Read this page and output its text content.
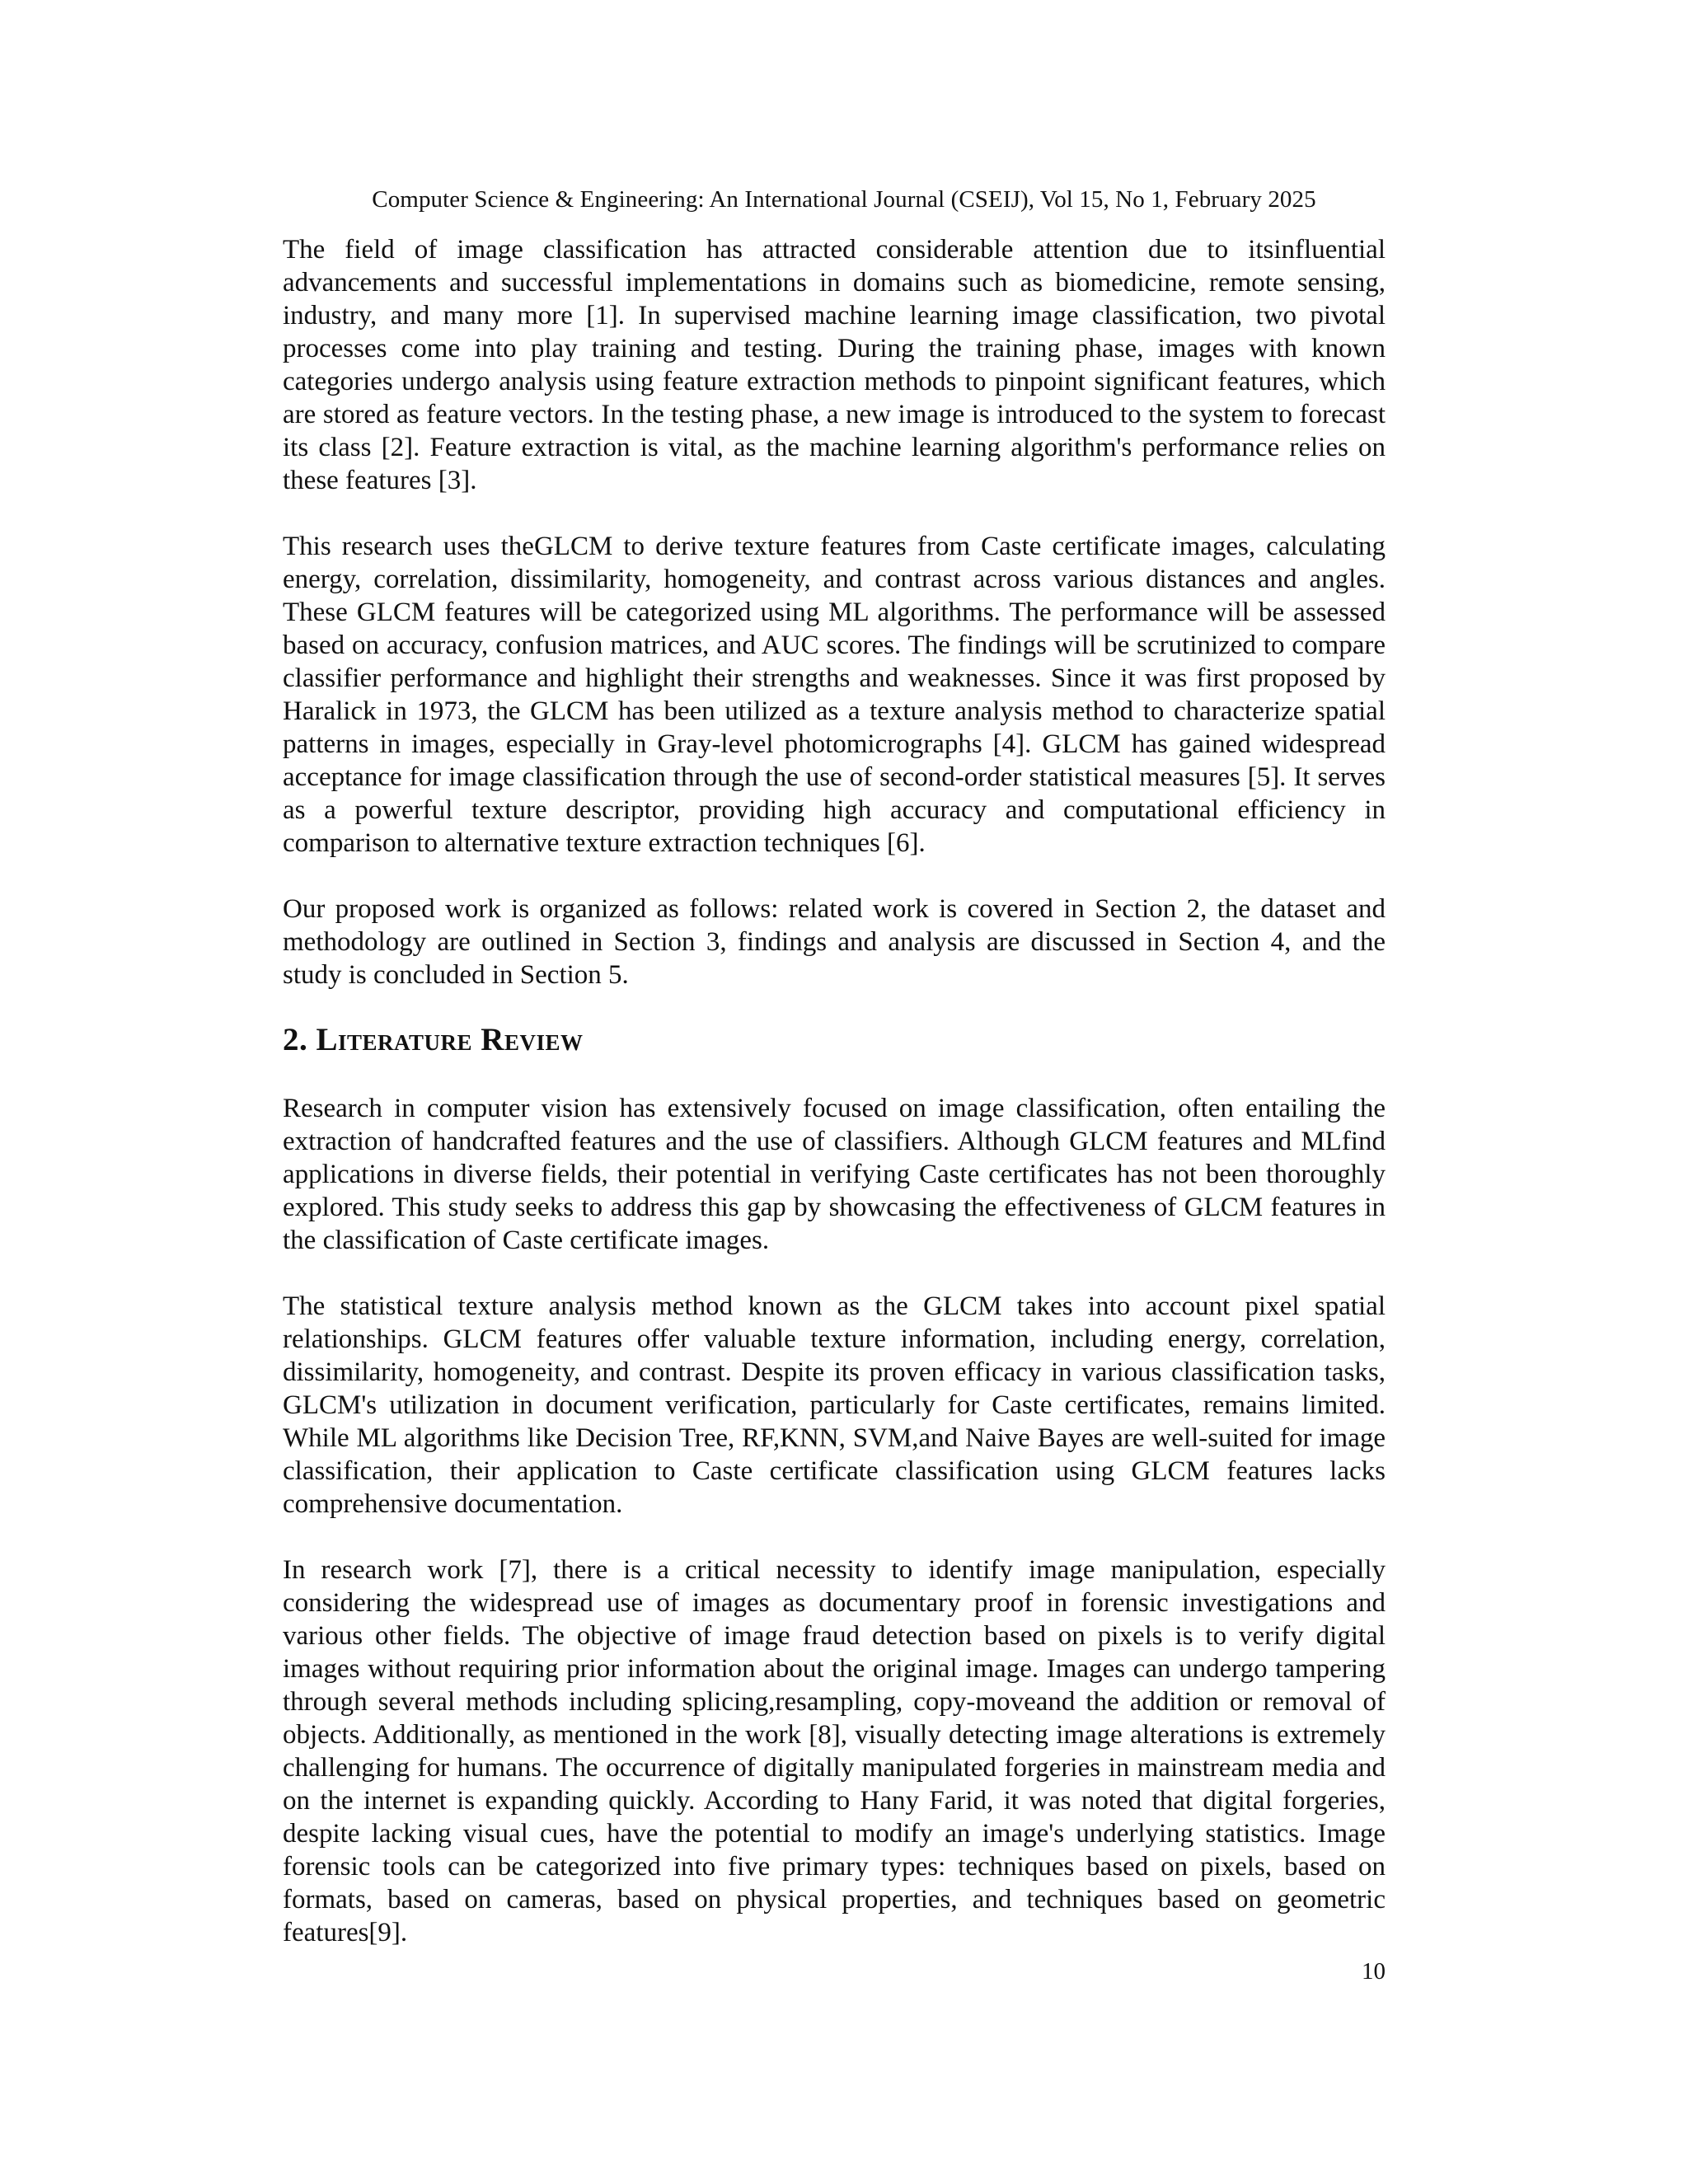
Computer Science & Engineering: An International Journal (CSEIJ), Vol 15, No 1, February 2025

The field of image classification has attracted considerable attention due to itsinfluential advancements and successful implementations in domains such as biomedicine, remote sensing, industry, and many more [1]. In supervised machine learning image classification, two pivotal processes come into play training and testing. During the training phase, images with known categories undergo analysis using feature extraction methods to pinpoint significant features, which are stored as feature vectors. In the testing phase, a new image is introduced to the system to forecast its class [2]. Feature extraction is vital, as the machine learning algorithm's performance relies on these features [3].

This research uses theGLCM to derive texture features from Caste certificate images, calculating energy, correlation, dissimilarity, homogeneity, and contrast across various distances and angles. These GLCM features will be categorized using ML algorithms. The performance will be assessed based on accuracy, confusion matrices, and AUC scores. The findings will be scrutinized to compare classifier performance and highlight their strengths and weaknesses. Since it was first proposed by Haralick in 1973, the GLCM has been utilized as a texture analysis method to characterize spatial patterns in images, especially in Gray-level photomicrographs [4]. GLCM has gained widespread acceptance for image classification through the use of second-order statistical measures [5]. It serves as a powerful texture descriptor, providing high accuracy and computational efficiency in comparison to alternative texture extraction techniques [6].

Our proposed work is organized as follows: related work is covered in Section 2, the dataset and methodology are outlined in Section 3, findings and analysis are discussed in Section 4, and the study is concluded in Section 5.

2. Literature Review

Research in computer vision has extensively focused on image classification, often entailing the extraction of handcrafted features and the use of classifiers. Although GLCM features and MLfind applications in diverse fields, their potential in verifying Caste certificates has not been thoroughly explored. This study seeks to address this gap by showcasing the effectiveness of GLCM features in the classification of Caste certificate images.

The statistical texture analysis method known as the GLCM takes into account pixel spatial relationships. GLCM features offer valuable texture information, including energy, correlation, dissimilarity, homogeneity, and contrast. Despite its proven efficacy in various classification tasks, GLCM's utilization in document verification, particularly for Caste certificates, remains limited. While ML algorithms like Decision Tree, RF,KNN, SVM,and Naive Bayes are well-suited for image classification, their application to Caste certificate classification using GLCM features lacks comprehensive documentation.

In research work [7], there is a critical necessity to identify image manipulation, especially considering the widespread use of images as documentary proof in forensic investigations and various other fields. The objective of image fraud detection based on pixels is to verify digital images without requiring prior information about the original image. Images can undergo tampering through several methods including splicing,resampling, copy-moveand the addition or removal of objects. Additionally, as mentioned in the work [8], visually detecting image alterations is extremely challenging for humans. The occurrence of digitally manipulated forgeries in mainstream media and on the internet is expanding quickly. According to Hany Farid, it was noted that digital forgeries, despite lacking visual cues, have the potential to modify an image's underlying statistics. Image forensic tools can be categorized into five primary types: techniques based on pixels, based on formats, based on cameras, based on physical properties, and techniques based on geometric features[9].

10
